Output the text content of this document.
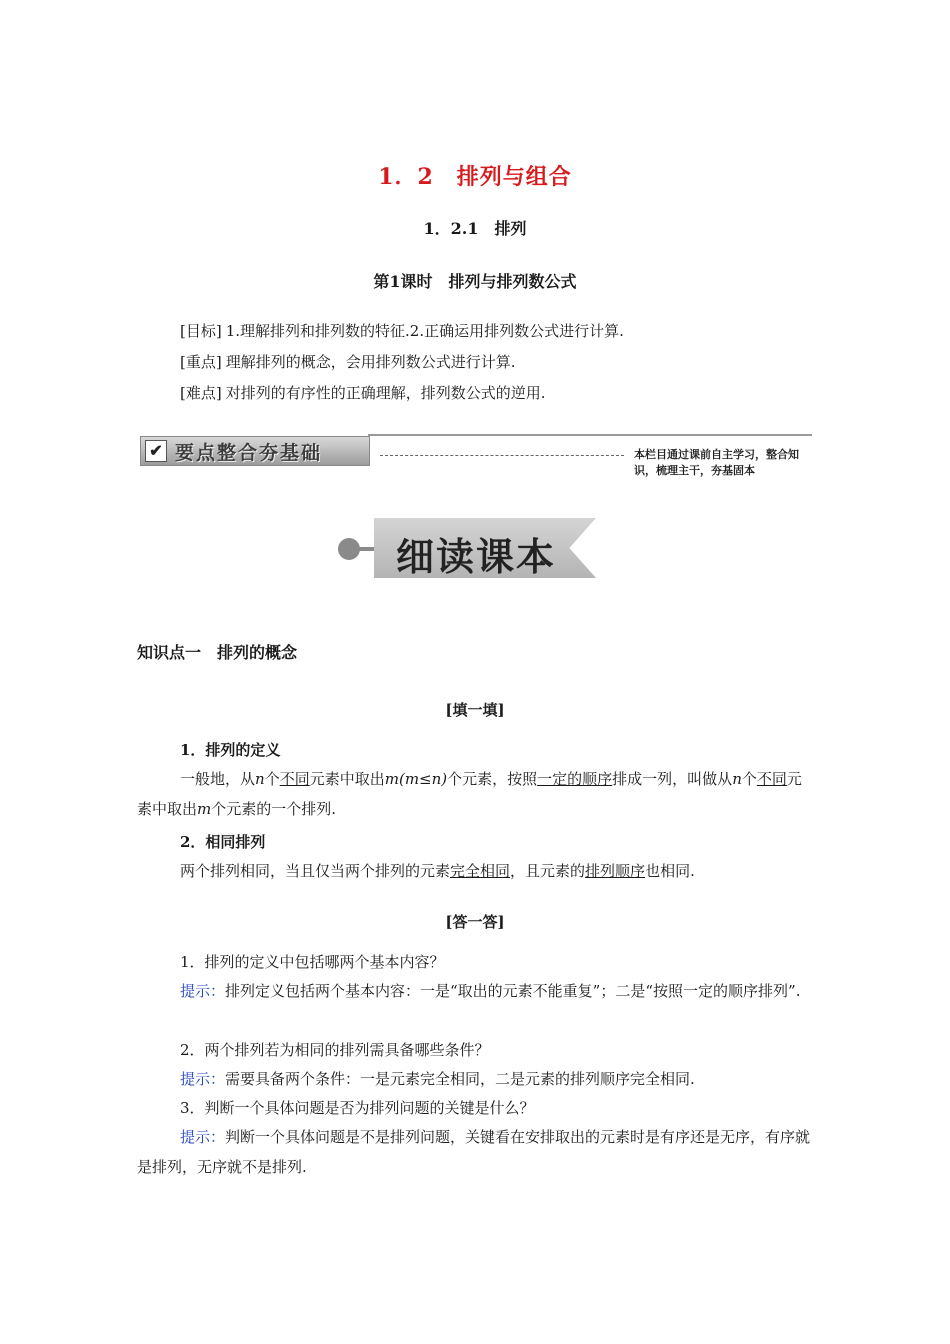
1．2　排列与组合
1．2.1　排列
第1课时　排列与排列数公式
[目标] 1.理解排列和排列数的特征.2.正确运用排列数公式进行计算.
[重点] 理解排列的概念，会用排列数公式进行计算.
[难点] 对排列的有序性的正确理解，排列数公式的逆用.
✔ 要点整合夯基础	本栏目通过课前自主学习，整合知识，梳理主干，夯基固本
细读课本
知识点一　排列的概念
[填一填]
1．排列的定义
一般地，从n个不同元素中取出m(m≤n)个元素，按照一定的顺序排成一列，叫做从n个不同元素中取出m个元素的一个排列.
2．相同排列
两个排列相同，当且仅当两个排列的元素完全相同，且元素的排列顺序也相同.
[答一答]
1．排列的定义中包括哪两个基本内容？
提示：排列定义包括两个基本内容：一是“取出的元素不能重复”；二是“按照一定的顺序排列”.
2．两个排列若为相同的排列需具备哪些条件？
提示：需要具备两个条件：一是元素完全相同，二是元素的排列顺序完全相同.
3．判断一个具体问题是否为排列问题的关键是什么？
提示：判断一个具体问题是不是排列问题，关键看在安排取出的元素时是有序还是无序，有序就是排列，无序就不是排列.
